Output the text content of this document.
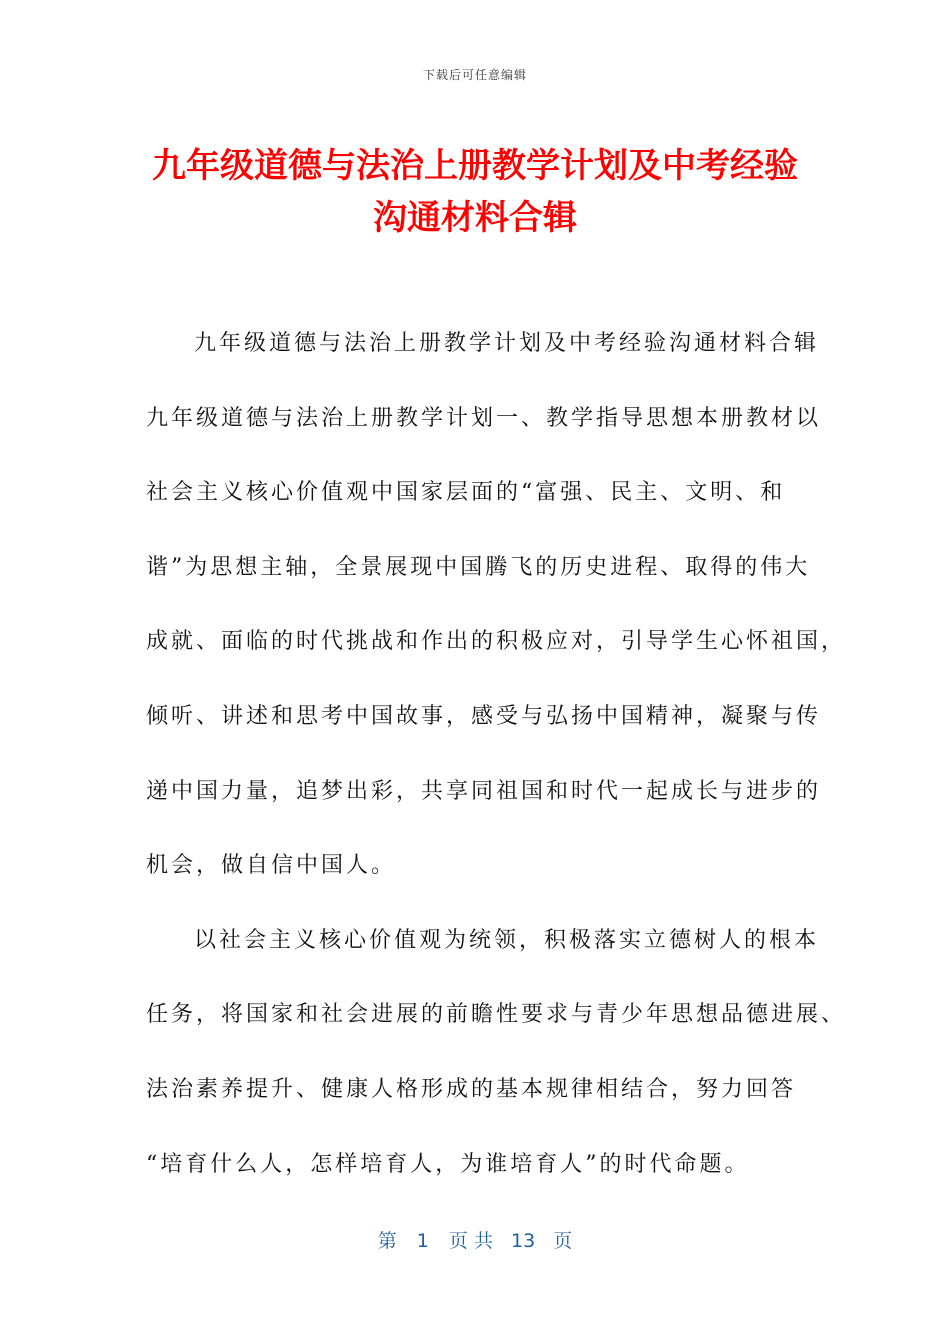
下载后可任意编辑
九年级道德与法治上册教学计划及中考经验
沟通材料合辑
九年级道德与法治上册教学计划及中考经验沟通材料合辑
九年级道德与法治上册教学计划一、教学指导思想本册教材以
社会主义核心价值观中国家层面的“富强、民主、文明、和
谐”为思想主轴，全景展现中国腾飞的历史进程、取得的伟大
成就、面临的时代挑战和作出的积极应对，引导学生心怀祖国，
倾听、讲述和思考中国故事，感受与弘扬中国精神，凝聚与传
递中国力量，追梦出彩，共享同祖国和时代一起成长与进步的
机会，做自信中国人。
以社会主义核心价值观为统领，积极落实立德树人的根本
任务，将国家和社会进展的前瞻性要求与青少年思想品德进展、
法治素养提升、健康人格形成的基本规律相结合，努力回答
“培育什么人，怎样培育人，为谁培育人”的时代命题。
第 1 页 共 13 页
